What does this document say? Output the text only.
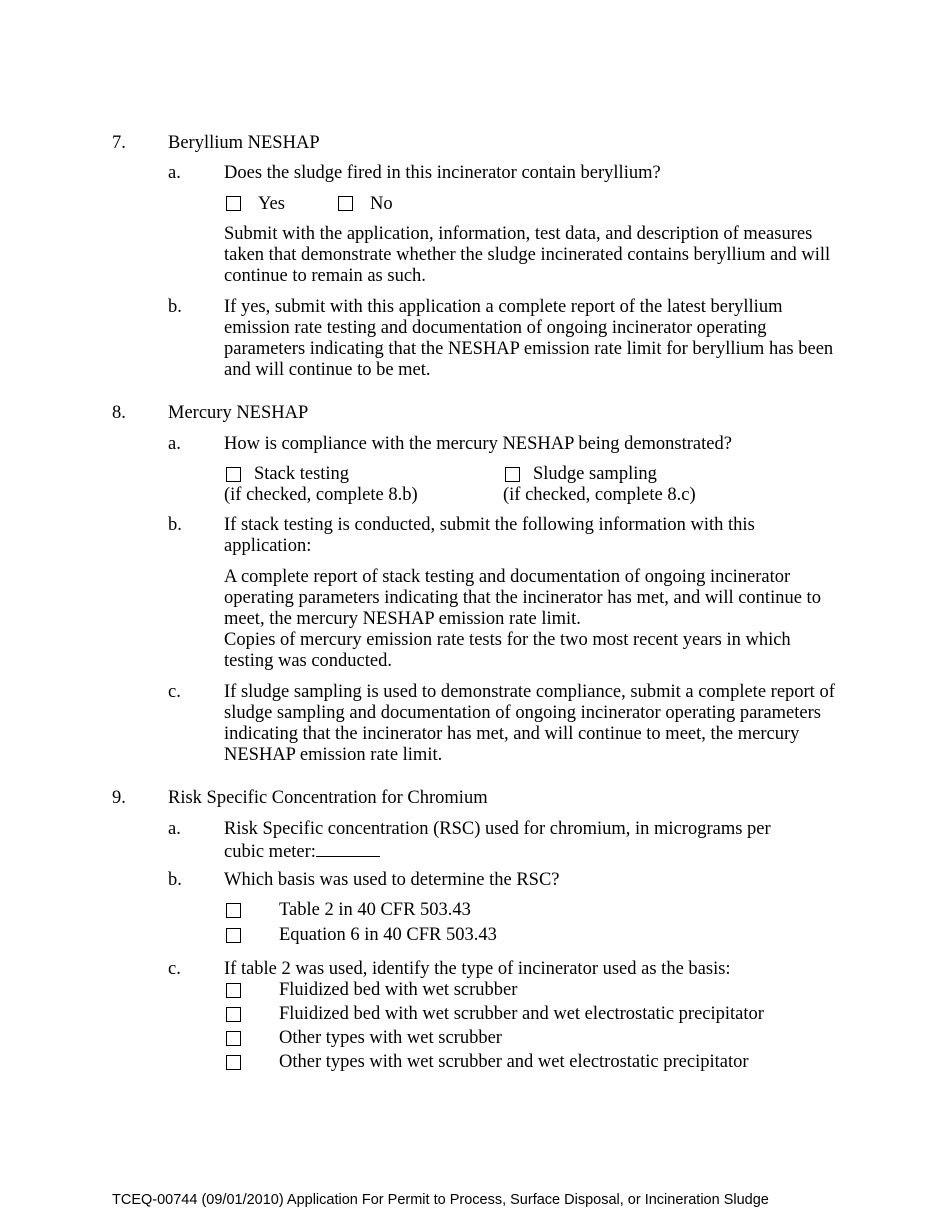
7. Beryllium NESHAP
a. Does the sludge fired in this incinerator contain beryllium?
Yes	No
Submit with the application, information, test data, and description of measures taken that demonstrate whether the sludge incinerated contains beryllium and will continue to remain as such.
b. If yes, submit with this application a complete report of the latest beryllium emission rate testing and documentation of ongoing incinerator operating parameters indicating that the NESHAP emission rate limit for beryllium has been and will continue to be met.
8. Mercury NESHAP
a. How is compliance with the mercury NESHAP being demonstrated?
Stack testing
(if checked, complete 8.b)
Sludge sampling
(if checked, complete 8.c)
b. If stack testing is conducted, submit the following information with this application:
A complete report of stack testing and documentation of ongoing incinerator operating parameters indicating that the incinerator has met, and will continue to meet, the mercury NESHAP emission rate limit.
Copies of mercury emission rate tests for the two most recent years in which testing was conducted.
c. If sludge sampling is used to demonstrate compliance, submit a complete report of sludge sampling and documentation of ongoing incinerator operating parameters indicating that the incinerator has met, and will continue to meet, the mercury NESHAP emission rate limit.
9. Risk Specific Concentration for Chromium
a. Risk Specific concentration (RSC) used for chromium, in micrograms per
cubic meter:
b. Which basis was used to determine the RSC?
Table 2 in 40 CFR 503.43
Equation 6 in 40 CFR 503.43
c. If table 2 was used, identify the type of incinerator used as the basis:
Fluidized bed with wet scrubber
Fluidized bed with wet scrubber and wet electrostatic precipitator
Other types with wet scrubber
Other types with wet scrubber and wet electrostatic precipitator
TCEQ-00744 (09/01/2010) Application For Permit to Process, Surface Disposal, or Incineration Sludge
